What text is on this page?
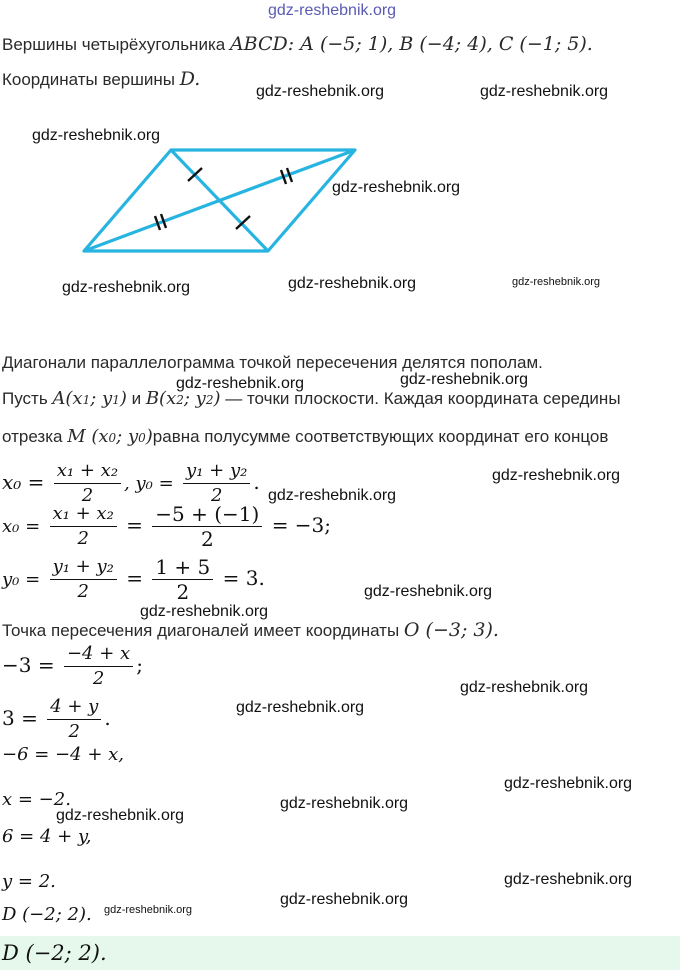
gdz-reshebnik.org
Вершины четырёхугольника ABCD: A (−5; 1), B (−4; 4), C (−1; 5).
Координаты вершины D.
Диагонали параллелограмма точкой пересечения делятся пополам.
Пусть A(x1; y1) и B(x2; y2) — точки плоскости. Каждая координата середины
отрезка M (x0; y0)равна полусумме соответствующих координат его концов
$x_0 = \frac{\text{x₁ + x₂}}{2}$ , $y_0 = \frac{\text{y₁ + y₂}}{2}$ .
$x_0 = \frac{\text{x₁ + x₂}}{2} = \frac{-5 + (-1)}{2} = -3$;
$y_0 = \frac{\text{y₁ + y₂}}{2} = \frac{1 + 5}{2} = 3$.
Точка пересечения диагоналей имеет координаты O (−3; 3).
$-3 = \frac{-4 + x}{2}$ ;
$3 = \frac{4 + y}{2}$ .
−6 = −4 + x,
x = −2.
6 = 4 + y,
y = 2.
D (−2; 2).
D (−2; 2).
gdz-reshebnik.org	gdz-reshebnik.org
gdz-reshebnik.org
gdz-reshebnik.org
gdz-reshebnik.org	gdz-reshebnik.org	gdz-reshebnik.org
gdz-reshebnik.org	gdz-reshebnik.org
gdz-reshebnik.org
gdz-reshebnik.org
gdz-reshebnik.org
gdz-reshebnik.org
gdz-reshebnik.org
gdz-reshebnik.org
gdz-reshebnik.org
gdz-reshebnik.org
gdz-reshebnik.org
gdz-reshebnik.org
gdz-reshebnik.org
gdz-reshebnik.org
